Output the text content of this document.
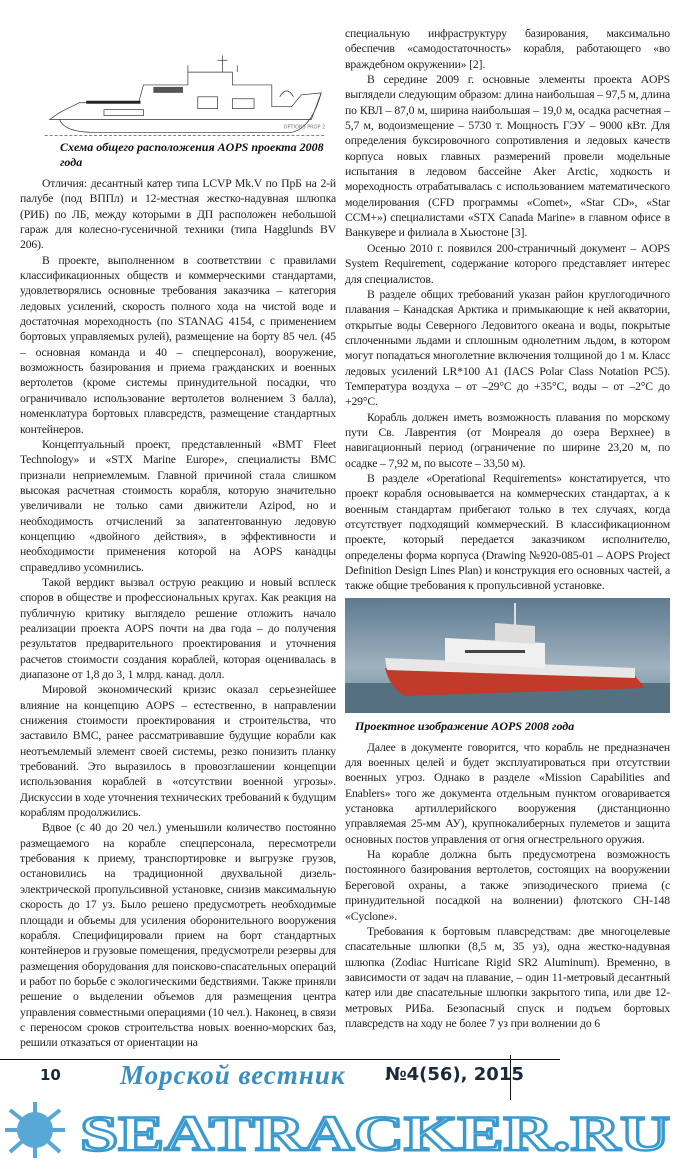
OPTIONS PROP 2
Схема общего расположения AOPS проекта 2008 года

Отличия: десантный катер типа LCVP Mk.V по ПрБ на 2-й палубе (под ВППл) и 12-местная жестко-надувная шлюпка (РИБ) по ЛБ, между которыми в ДП расположен небольшой гараж для колесно-гусеничной техники (типа Hagglunds BV 206).

В проекте, выполненном в соответствии с правилами классификационных обществ и коммерческими стандартами, удовлетворялись основные требования заказчика – категория ледовых усилений, скорость полного хода на чистой воде и достаточная мореходность (по STANAG 4154, с применением бортовых управляемых рулей), размещение на борту 85 чел. (45 – основная команда и 40 – спецперсонал), вооружение, возможность базирования и приема гражданских и военных вертолетов (кроме системы принудительной посадки, что ограничивало использование вертолетов волнением 3 балла), номенклатура бортовых плавсредств, размещение стандартных контейнеров.

Концептуальный проект, представленный «BMT Fleet Technology» и «STX Marine Europe», специалисты ВМС признали неприемлемым. Главной причиной стала слишком высокая расчетная стоимость корабля, которую значительно увеличивали не только сами движители Azipod, но и необходимость отчислений за запатентованную ледовую концепцию «двойного действия», в эффективности и необходимости применения которой на AOPS канадцы справедливо усомнились.

Такой вердикт вызвал острую реакцию и новый всплеск споров в обществе и профессиональных кругах. Как реакция на публичную критику выглядело решение отложить начало реализации проекта AOPS почти на два года – до получения результатов предварительного проектирования и уточнения расчетов стоимости создания кораблей, которая оценивалась в диапазоне от 1,8 до 3, 1 млрд. канад. долл.

Мировой экономический кризис оказал серьезнейшее влияние на концепцию AOPS – естественно, в направлении снижения стоимости проектирования и строительства, что заставило ВМС, ранее рассматривавшие будущие корабли как неотъемлемый элемент своей системы, резко понизить планку требований. Это выразилось в провозглашении концепции использования кораблей в «отсутствии военной угрозы». Дискуссии в ходе уточнения технических требований к будущим кораблям продолжились.

Вдвое (с 40 до 20 чел.) уменьшили количество постоянно размещаемого на корабле спецперсонала, пересмотрели требования к приему, транспортировке и выгрузке грузов, остановились на традиционной двухвальной дизель-электрической пропульсивной установке, снизив максимальную скорость до 17 уз. Было решено предусмотреть необходимые площади и объемы для усиления оборонительного вооружения корабля. Специфицировали прием на борт стандартных контейнеров и грузовые помещения, предусмотрели резервы для размещения оборудования для поисково-спасательных операций и работ по борьбе с экологическими бедствиями. Также приняли решение о выделении объемов для размещения центра управления совместными операциями (10 чел.). Наконец, в связи с переносом сроков строительства новых военно-морских баз, решили отказаться от ориентации на

специальную инфраструктуру базирования, максимально обеспечив «самодостаточность» корабля, работающего «во враждебном окружении» [2].

В середине 2009 г. основные элементы проекта AOPS выглядели следующим образом: длина наибольшая – 97,5 м, длина по КВЛ – 87,0 м, ширина наибольшая – 19,0 м, осадка расчетная – 5,7 м, водоизмещение – 5730 т. Мощность ГЭУ – 9000 кВт. Для определения буксировочного сопротивления и ледовых качеств корпуса новых главных размерений провели модельные испытания в ледовом бассейне Aker Arctic, ходкость и мореходность отрабатывалась с использованием математического моделирования (CFD программы «Comet», «Star CD», «Star CCM+») специалистами «STX Canada Marine» в главном офисе в Ванкувере и филиала в Хьюстоне [3].

Осенью 2010 г. появился 200-страничный документ – AOPS System Requirement, содержание которого представляет интерес для специалистов.

В разделе общих требований указан район круглогодичного плавания – Канадская Арктика и примыкающие к ней акватории, открытые воды Северного Ледовитого океана и воды, покрытые сплоченными льдами и сплошным однолетним льдом, в котором могут попадаться многолетние включения толщиной до 1 м. Класс ледовых усилений LR*100 A1 (IACS Polar Class Notation PC5). Температура воздуха – от –29°С до +35°С, воды – от –2°С до +29°С.

Корабль должен иметь возможность плавания по морскому пути Св. Лаврентия (от Монреаля до озера Верхнее) в навигационный период (ограничение по ширине 23,20 м, по осадке – 7,92 м, по высоте – 33,50 м).

В разделе «Operational Requirements» констатируется, что проект корабля основывается на коммерческих стандартах, а к военным стандартам прибегают только в тех случаях, когда отсутствует подходящий коммерческий. В классификационном проекте, который передается заказчиком исполнителю, определены форма корпуса (Drawing №920-085-01 – AOPS Project Definition Design Lines Plan) и конструкция его основных частей, а также общие требования к пропульсивной установке.

Проектное изображение AOPS 2008 года

Далее в документе говорится, что корабль не предназначен для военных целей и будет эксплуатироваться при отсутствии военных угроз. Однако в разделе «Mission Capabilities and Enablers» того же документа отдельным пунктом оговаривается установка артиллерийского вооружения (дистанционно управляемая 25-мм АУ), крупнокалиберных пулеметов и защита основных постов управления от огня огнестрельного оружия.

На корабле должна быть предусмотрена возможность постоянного базирования вертолетов, состоящих на вооружении Береговой охраны, а также эпизодического приема (с принудительной посадкой на волнении) флотского CH-148 «Cyclone».

Требования к бортовым плавсредствам: две многоцелевые спасательные шлюпки (8,5 м, 35 уз), одна жестко-надувная шлюпка (Zodiac Hurricane Rigid SR2 Aluminum). Временно, в зависимости от задач на плавание, – один 11-метровый десантный катер или две спасательные шлюпки закрытого типа, или две 12-метровых РИБа. Безопасный спуск и подъем бортовых плавсредств на ходу не более 7 уз при волнении до 6

10 Морской вестник №4(56), 2015
SEATRACKER.RU
